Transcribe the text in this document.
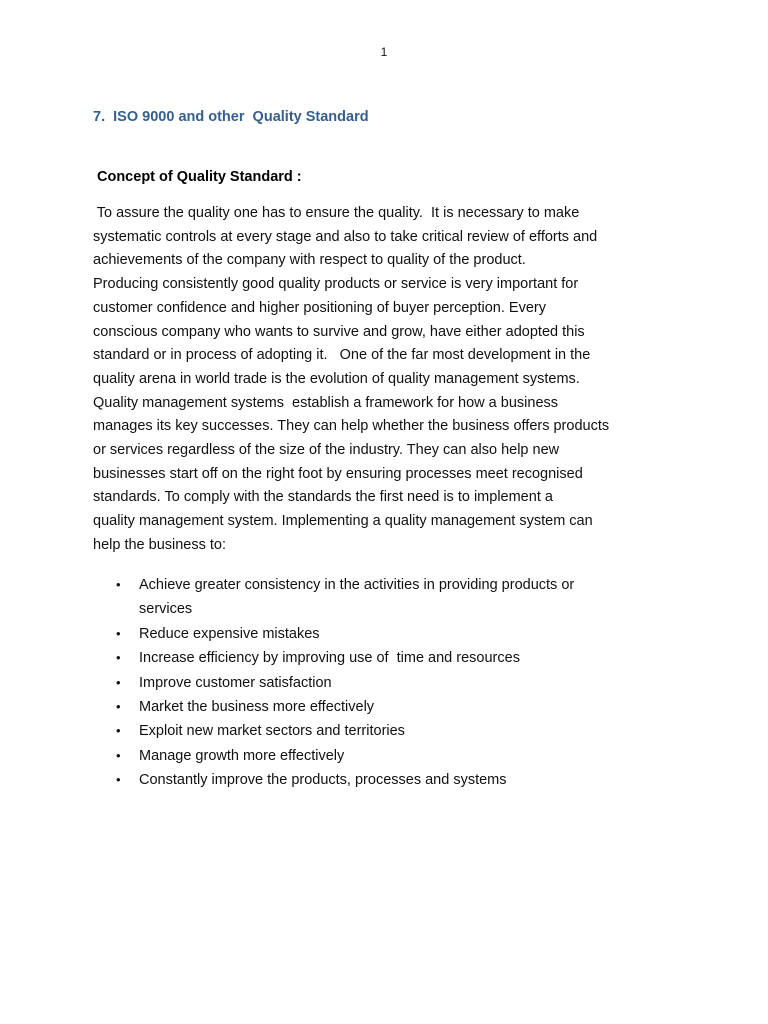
1
7.  ISO 9000 and other  Quality Standard
Concept of Quality Standard :

To assure the quality one has to ensure the quality.  It is necessary to make
systematic controls at every stage and also to take critical review of efforts and
achievements of the company with respect to quality of the product.
Producing consistently good quality products or service is very important for
customer confidence and higher positioning of buyer perception. Every
conscious company who wants to survive and grow, have either adopted this
standard or in process of adopting it.   One of the far most development in the
quality arena in world trade is the evolution of quality management systems.
Quality management systems  establish a framework for how a business
manages its key successes. They can help whether the business offers products
or services regardless of the size of the industry. They can also help new
businesses start off on the right foot by ensuring processes meet recognised
standards. To comply with the standards the first need is to implement a
quality management system. Implementing a quality management system can
help the business to:

• Achieve greater consistency in the activities in providing products or
services
• Reduce expensive mistakes
• Increase efficiency by improving use of  time and resources
• Improve customer satisfaction
• Market the business more effectively
• Exploit new market sectors and territories
• Manage growth more effectively
• Constantly improve the products, processes and systems
